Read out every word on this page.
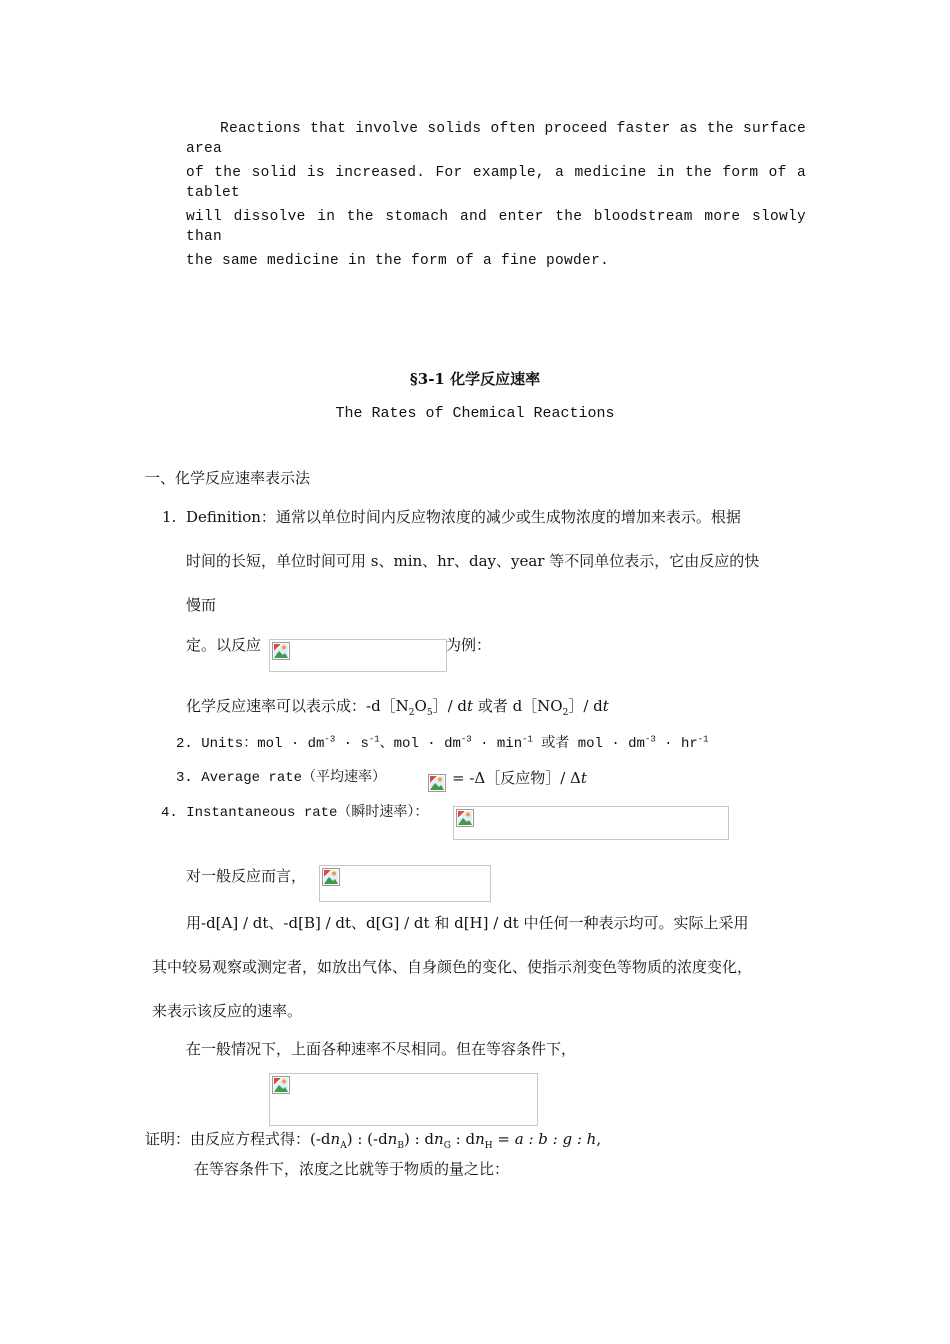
Reactions that involve solids often proceed faster as the surface area
of the solid is increased. For example, a medicine in the form of a tablet
will dissolve in the stomach and enter the bloodstream more slowly than
the same medicine in the form of a fine powder.
§3-1 化学反应速率
The Rates of Chemical Reactions
一、化学反应速率表示法
1. Definition：通常以单位时间内反应物浓度的减少或生成物浓度的增加来表示。根据
时间的长短，单位时间可用 s、min、hr、day、year 等不同单位表示，它由反应的快
慢而
定。以反应	为例：
化学反应速率可以表示成：$-d[N_2O_5]/$ dt 或者 $d[NO_2]/$ dt
2. Units：mol · $dm^{-3} \cdot s^{-1}$、mol · $dm^{-3} \cdot \min^{-1}$ 或者 mol · $dm^{-3} \cdot hr^{-1}$
3. Average rate（平均速率）	= -Δ［反应物］/ Δt
4. Instantaneous rate（瞬时速率）：
对一般反应而言，
用-d[A] / dt、-d[B] / dt、d[G] / dt 和 d[H] / dt 中任何一种表示均可。实际上采用
其中较易观察或测定者，如放出气体、自身颜色的变化、使指示剂变色等物质的浓度变化，
来表示该反应的速率。
在一般情况下，上面各种速率不尽相同。但在等容条件下，
证明：由反应方程式得：$(-dn_A)$ : $(-dn_B)$ : $dn_G$ : $dn_H = a$ : b : g : h,
在等容条件下，浓度之比就等于物质的量之比：
